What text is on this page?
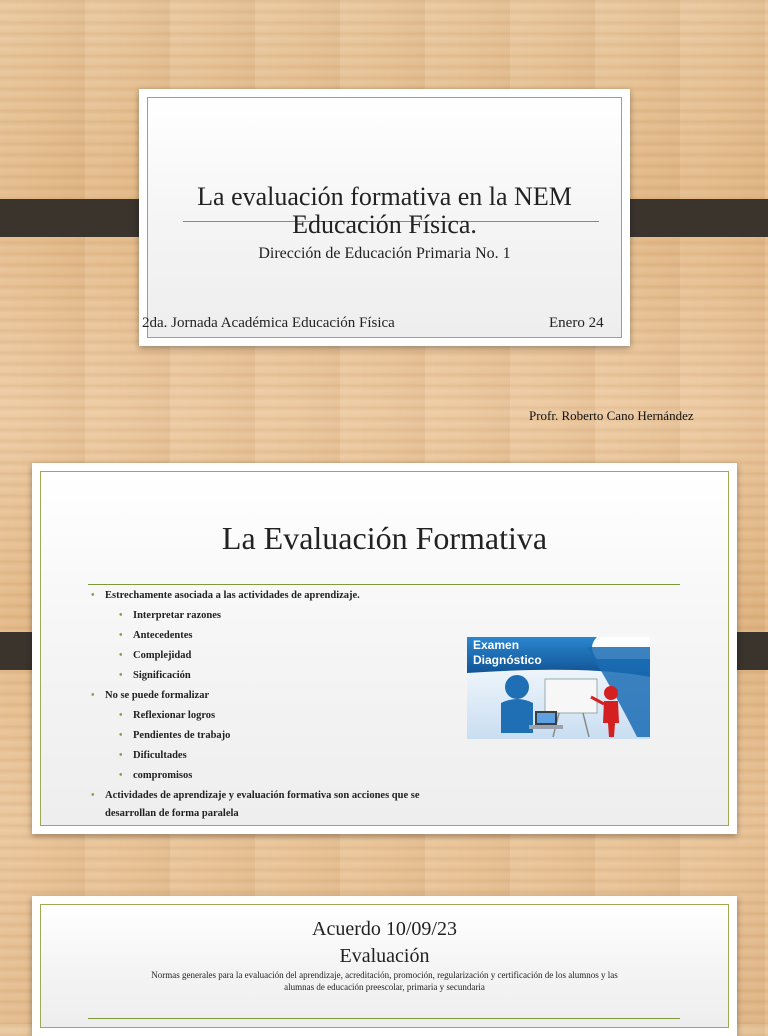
La evaluación formativa en la NEM
Educación Física.
Dirección de Educación Primaria No. 1
2da. Jornada Académica Educación Física	Enero 24
Profr. Roberto Cano Hernández
La Evaluación Formativa
• Estrechamente asociada a las actividades de aprendizaje.
• Interpretar razones
• Antecedentes
• Complejidad
• Significación
• No se puede formalizar
• Reflexionar logros
• Pendientes de trabajo
• Dificultades
• compromisos
• Actividades de aprendizaje y evaluación formativa son acciones que se
desarrollan de forma paralela
Examen
Diagnóstico
Acuerdo 10/09/23
Evaluación
Normas generales para la evaluación del aprendizaje, acreditación, promoción, regularización y certificación de los alumnos y las
alumnas de educación preescolar, primaria y secundaria
